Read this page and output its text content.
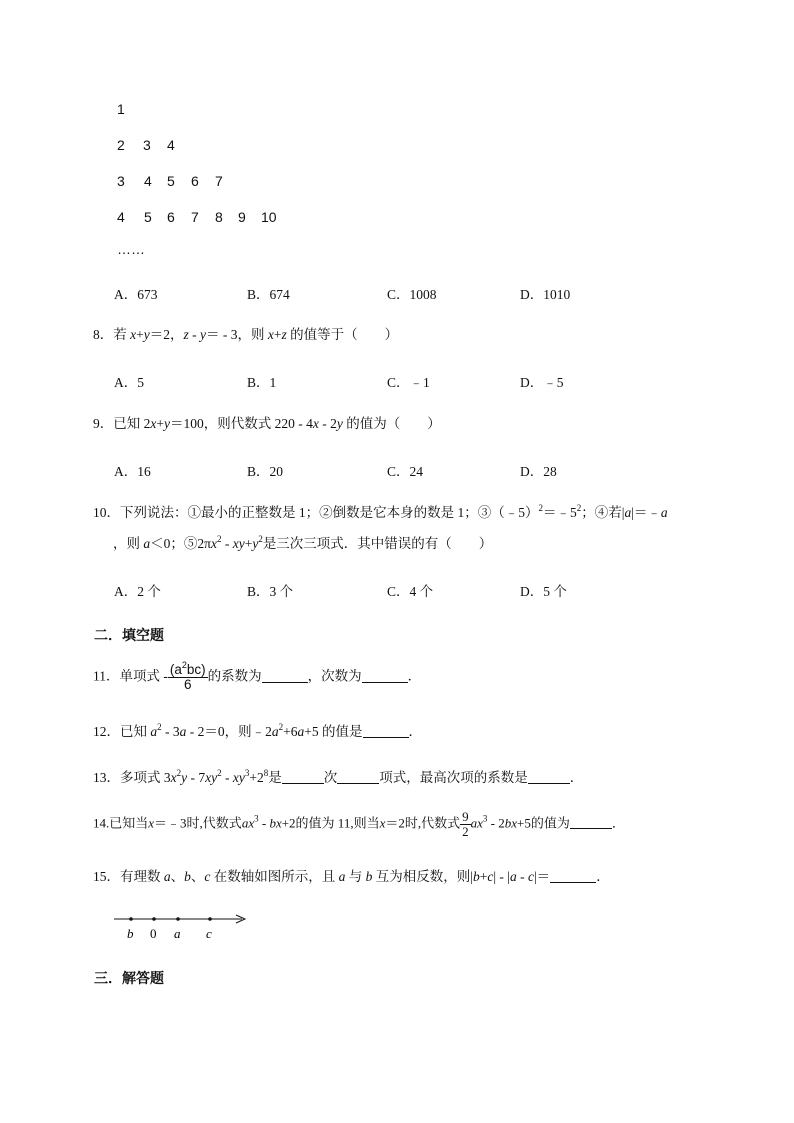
1
2 3 4
3 4 5 6 7
4 5 6 7 8 9 10
……
A．673	B．674	C．1008	D．1010
8．若 x+y＝2，z - y＝ - 3，则 x+z 的值等于（　　）
A．5	B．1	C．﹣1	D．﹣5
9．已知 2x+y＝100，则代数式 220 - 4x - 2y 的值为（　　）
A．16	B．20	C．24	D．28
10．下列说法：①最小的正整数是 1；②倒数是它本身的数是 1；$③(﹣5)^2=﹣5^2$；④若|a|＝﹣a
，则 a＜0；$⑤2\pi x^2 - xy+y^2$是三次三项式．其中错误的有（　　）
A．2 个	B．3 个	C．4 个	D．5 个
二．填空题
11．单项式 - $\frac{(a^2bc)}{6}$ 的系数为	，次数为	．
12．已知 $a^2 - 3a - 2=0$，则$﹣2a^2+6a+5$ 的值是	．
13．多项式 $3x^2y - 7xy^2 - xy^3+2^8$是	次	项式，最高次项的系数是	．
14.已知当x＝﹣3时,代数式$ax^3 - bx+2$的值为 11,则当x＝2时,代数式 $\frac{9}{2} ax^3 - 2bx+5$的值为	．
15．有理数 a、b、c 在数轴如图所示，且 a 与 b 互为相反数，则|b+c| - |a - c|＝	．
b 0 a c
三．解答题
